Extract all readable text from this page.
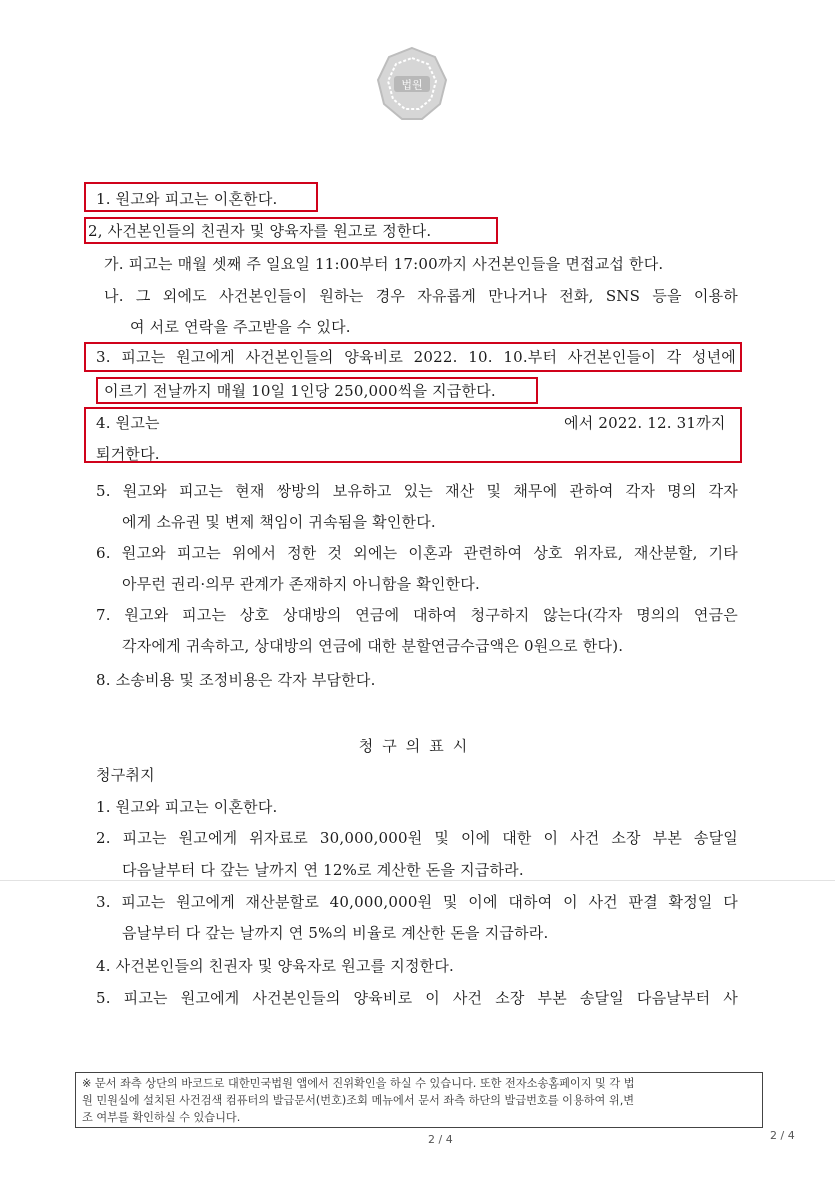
법원
1. 원고와 피고는 이혼한다.
2, 사건본인들의 친권자 및 양육자를 원고로 정한다.
가. 피고는 매월 셋째 주 일요일 11:00부터 17:00까지 사건본인들을 면접교섭 한다.
나. 그 외에도 사건본인들이 원하는 경우 자유롭게 만나거나 전화, SNS 등을 이용하
여 서로 연락을 주고받을 수 있다.
3. 피고는 원고에게 사건본인들의 양육비로 2022. 10. 10.부터 사건본인들이 각 성년에
이르기 전날까지 매월 10일 1인당 250,000씩을 지급한다.
4. 원고는	에서 2022. 12. 31까지
퇴거한다.
5. 원고와 피고는 현재 쌍방의 보유하고 있는 재산 및 채무에 관하여 각자 명의 각자
에게 소유권 및 변제 책임이 귀속됨을 확인한다.
6. 원고와 피고는 위에서 정한 것 외에는 이혼과 관련하여 상호 위자료, 재산분할, 기타
아무런 권리·의무 관계가 존재하지 아니함을 확인한다.
7. 원고와 피고는 상호 상대방의 연금에 대하여 청구하지 않는다(각자 명의의 연금은
각자에게 귀속하고, 상대방의 연금에 대한 분할연금수급액은 0원으로 한다).
8. 소송비용 및 조정비용은 각자 부담한다.
청구의표시
청구취지
1. 원고와 피고는 이혼한다.
2. 피고는 원고에게 위자료로 30,000,000원 및 이에 대한 이 사건 소장 부본 송달일
다음날부터 다 갚는 날까지 연 12%로 계산한 돈을 지급하라.
3. 피고는 원고에게 재산분할로 40,000,000원 및 이에 대하여 이 사건 판결 확정일 다
음날부터 다 갚는 날까지 연 5%의 비율로 계산한 돈을 지급하라.
4. 사건본인들의 친권자 및 양육자로 원고를 지정한다.
5. 피고는 원고에게 사건본인들의 양육비로 이 사건 소장 부본 송달일 다음날부터 사
※ 문서 좌측 상단의 바코드로 대한민국법원 앱에서 진위확인을 하실 수 있습니다. 또한 전자소송홈페이지 및 각 법
원 민원실에 설치된 사건검색 컴퓨터의 발급문서(번호)조회 메뉴에서 문서 좌측 하단의 발급번호를 이용하여 위,변
조 여부를 확인하실 수 있습니다.
2 / 4	2 / 4
